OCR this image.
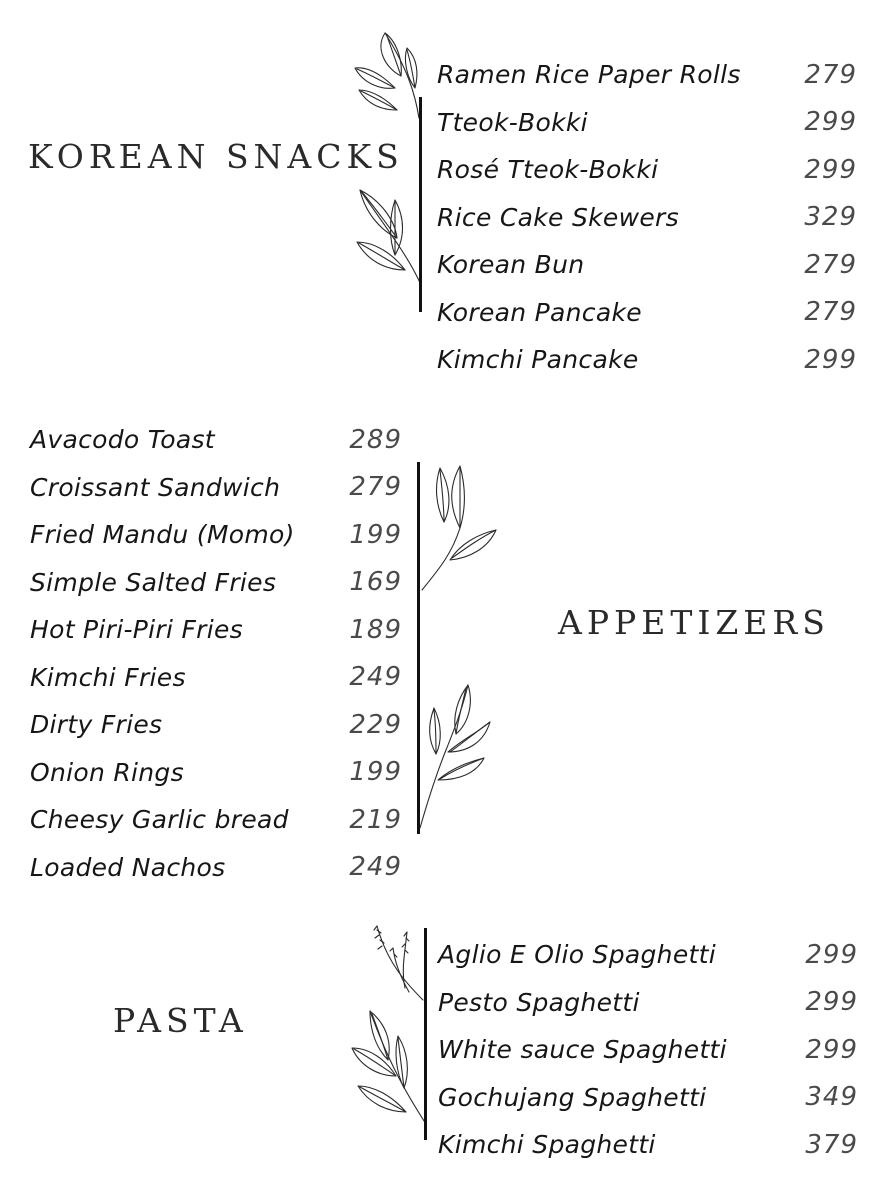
KOREAN SNACKS
Ramen Rice Paper Rolls 279
Tteok-Bokki	299
Rosé Tteok-Bokki	299
Rice Cake Skewers	329
Korean Bun	279
Korean Pancake	279
Kimchi Pancake	299
Avacodo Toast	289
Croissant Sandwich	279
Fried Mandu (Momo) 199
Simple Salted Fries	169
Hot Piri-Piri Fries	189
Kimchi Fries	249
Dirty Fries	229
Onion Rings	199
Cheesy Garlic bread 219
Loaded Nachos	249
APPETIZERS
PASTA
Aglio E Olio Spaghetti	299
Pesto Spaghetti	299
White sauce Spaghetti	299
Gochujang Spaghetti	349
Kimchi Spaghetti	379
